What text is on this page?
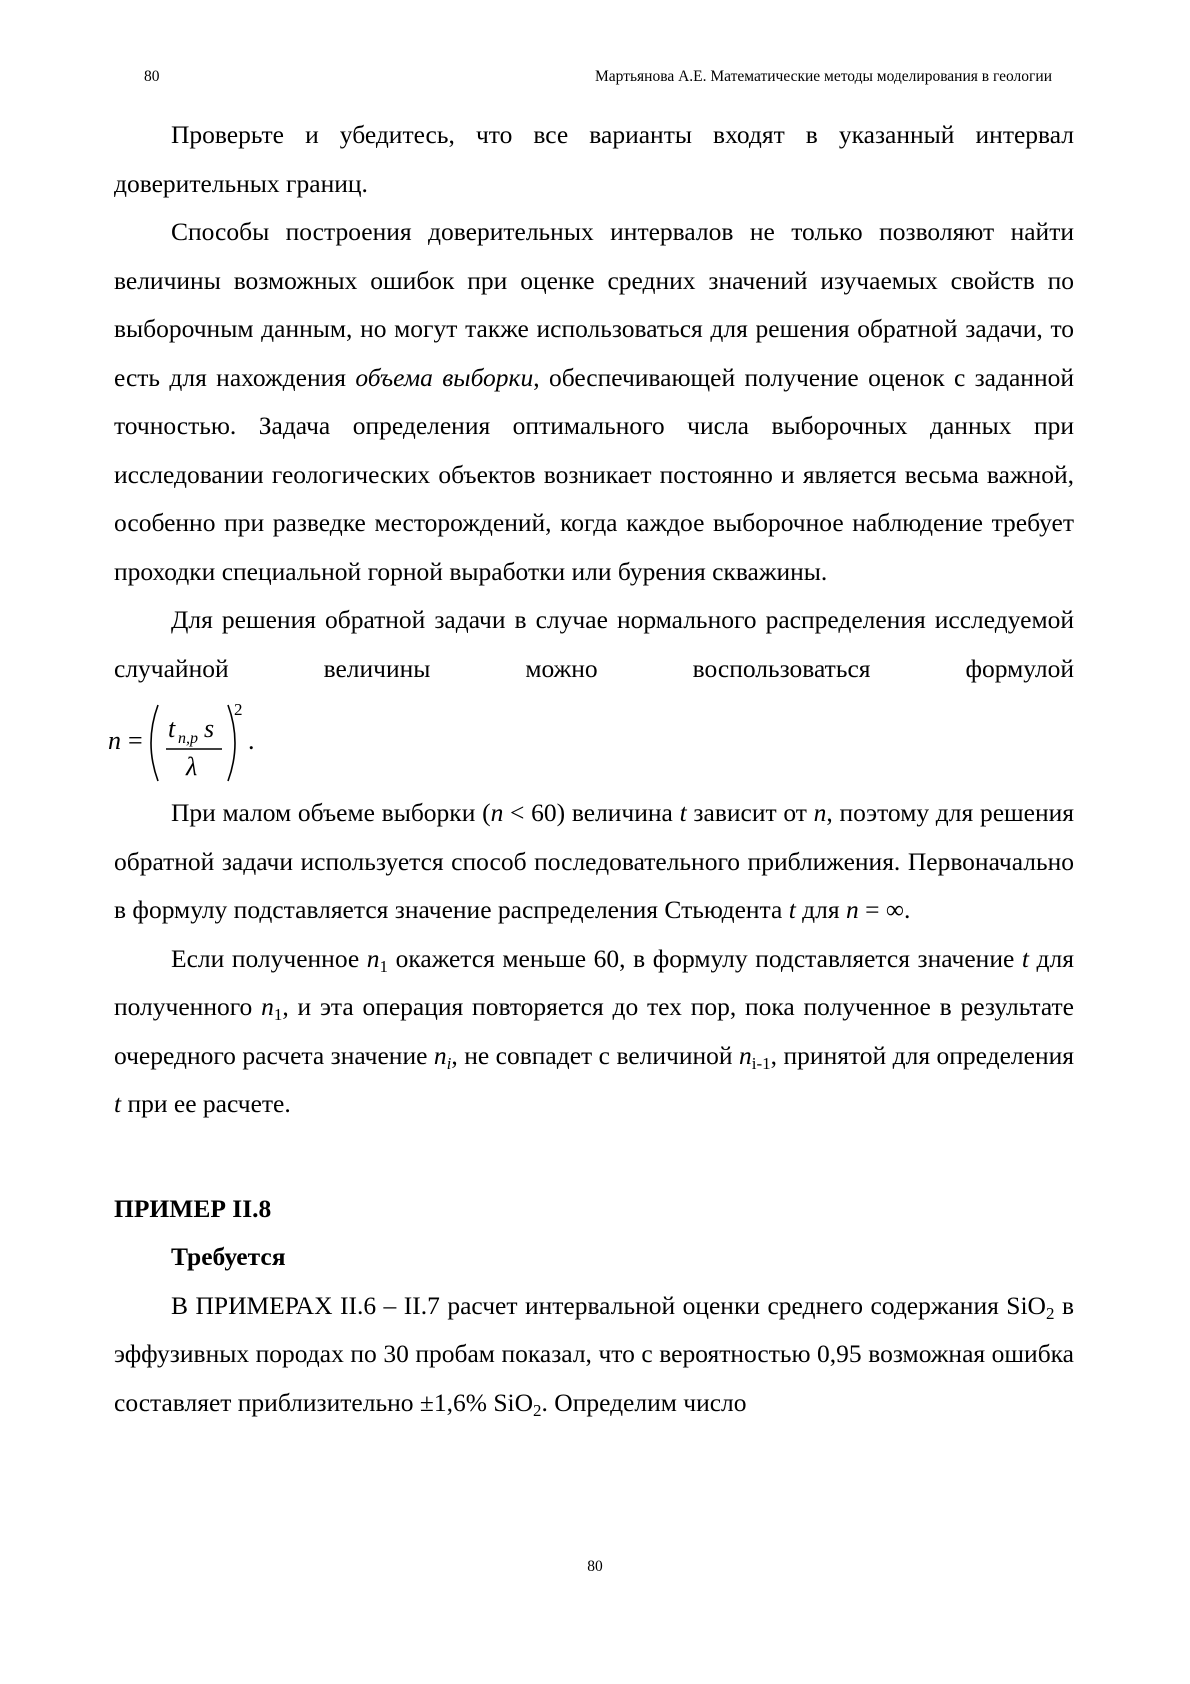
80	Мартьянова А.Е. Математические методы моделирования в геологии

Проверьте и убедитесь, что все варианты входят в указанный интервал доверительных границ.

Способы построения доверительных интервалов не только позволяют найти величины возможных ошибок при оценке средних значений изучаемых свойств по выборочным данным, но могут также использоваться для решения обратной задачи, то есть для нахождения объема выборки, обеспечивающей получение оценок с заданной точностью. Задача определения оптимального числа выборочных данных при исследовании геологических объектов возникает постоянно и является весьма важной, особенно при разведке месторождений, когда каждое выборочное наблюдение требует проходки специальной горной выработки или бурения скважины.

Для решения обратной задачи в случае нормального распределения исследуемой случайной величины можно воспользоваться формулой

n = t n,p s
λ
2
.

При малом объеме выборки (n < 60) величина t зависит от n, поэтому для решения обратной задачи используется способ последовательного приближения. Первоначально в формулу подставляется значение распределения Стьюдента t для n = ∞.

Если полученное $n_1$ окажется меньше 60, в формулу подставляется значение t для полученного $n_1$, и эта операция повторяется до тех пор, пока полученное в результате очередного расчета значение $n_i$, не совпадет с величиной $n_{i-1}$, принятой для определения t при ее расчете.

ПРИМЕР II.8

Требуется

В ПРИМЕРАХ II.6 – II.7 расчет интервальной оценки среднего содержания SiO$_2$ в эффузивных породах по 30 пробам показал, что с вероятностью 0,95 возможная ошибка составляет приблизительно ±1,6% SiO$_2$. Определим число

80
